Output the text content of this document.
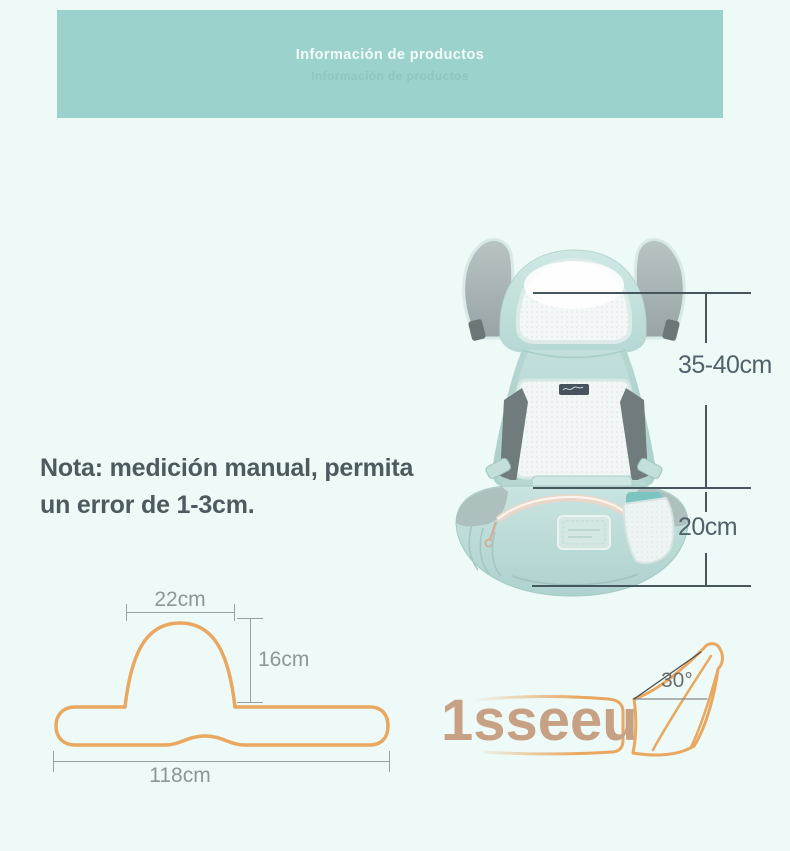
Información de productos
Información de productos
35-40cm
20cm
Nota: medición manual, permita
un error de 1-3cm.
22cm
16cm
118cm
30°
1sseeu
